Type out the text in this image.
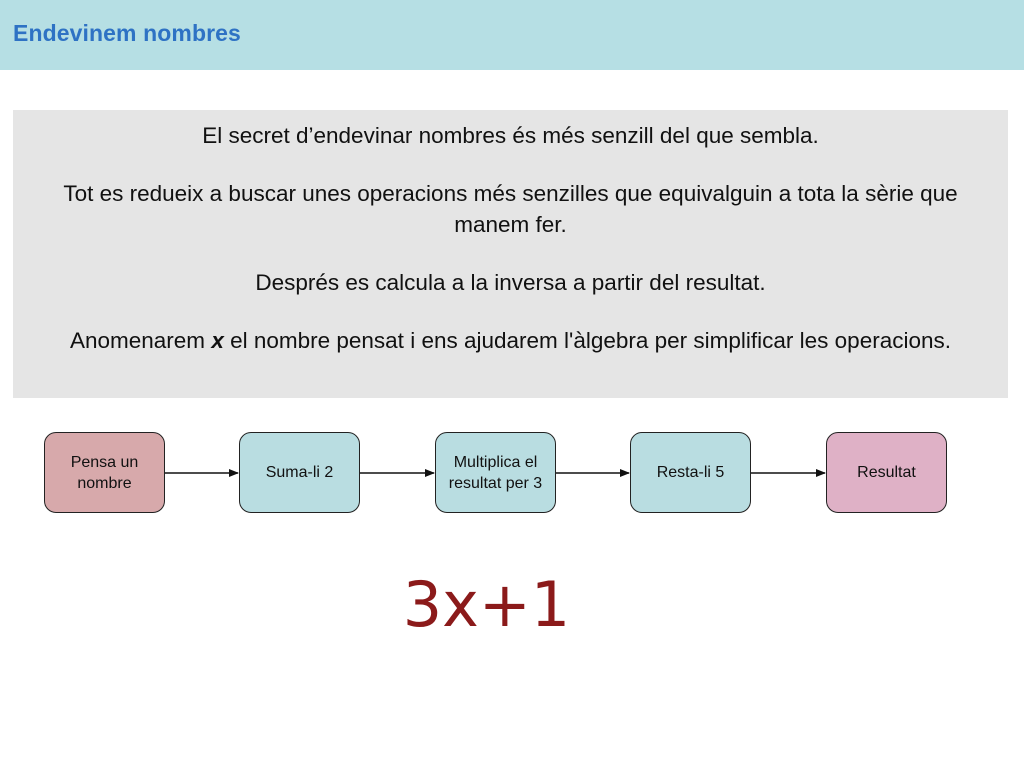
Endevinem nombres

El secret d’endevinar nombres és més senzill del que sembla.

Tot es redueix a buscar unes operacions més senzilles que equivalguin a tota la sèrie que manem fer.

Després es calcula a la inversa a partir del resultat.

Anomenarem x el nombre pensat i ens ajudarem l'àlgebra per simplificar les operacions.

Pensa un nombre
Suma-li 2
Multiplica el resultat per 3
Resta-li 5	Resultat
3x+1
